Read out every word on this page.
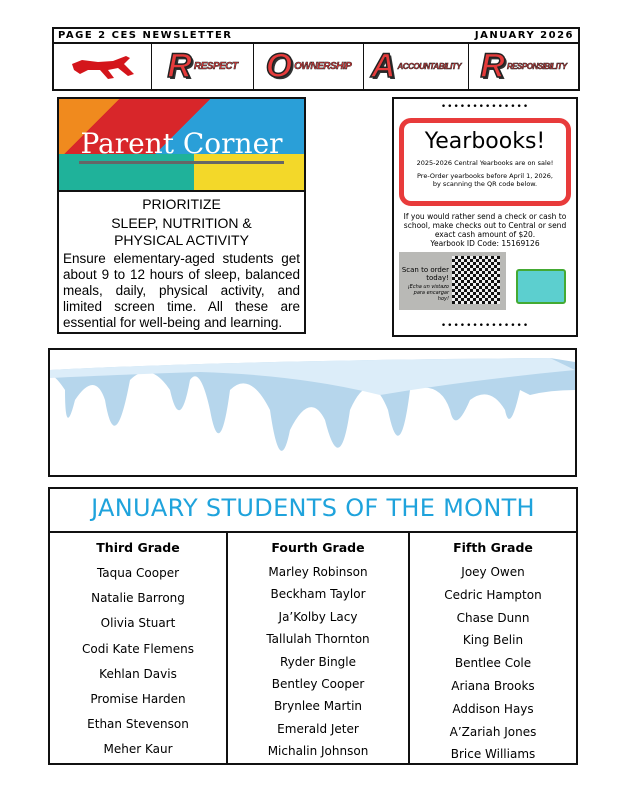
PAGE 2 CES NEWSLETTER	JANUARY 2026
R RESPECT O OWNERSHIP A ACCOUNTABILITY R RESPONSIBILITY
Parent Corner
PRIORITIZE
SLEEP, NUTRITION & PHYSICAL ACTIVITY
Ensure elementary-aged students get about 9 to 12 hours of sleep, balanced meals, daily, physical activity, and limited screen time. All these are essential for well-being and learning.
••••••••••••••
Yearbooks!

2025-2026 Central Yearbooks are on sale!

Pre-Order yearbooks before April 1, 2026, by scanning the QR code below.

If you would rather send a check or cash to school, make checks out to Central or send exact cash amount of $20.
Yearbook ID Code: 15169126
Scan to order today!
¡Echa un vistazo para encargar hoy!
••••••••••••••
JANUARY STUDENTS OF THE MONTH
Third Grade
Taqua Cooper
Natalie Barrong
Olivia Stuart
Codi Kate Flemens
Kehlan Davis
Promise Harden
Ethan Stevenson
Meher Kaur
Fourth Grade
Marley Robinson
Beckham Taylor
Ja’Kolby Lacy
Tallulah Thornton
Ryder Bingle
Bentley Cooper
Brynlee Martin
Emerald Jeter
Michalin Johnson
Fifth Grade
Joey Owen
Cedric Hampton
Chase Dunn
King Belin
Bentlee Cole
Ariana Brooks
Addison Hays
A’Zariah Jones
Brice Williams
